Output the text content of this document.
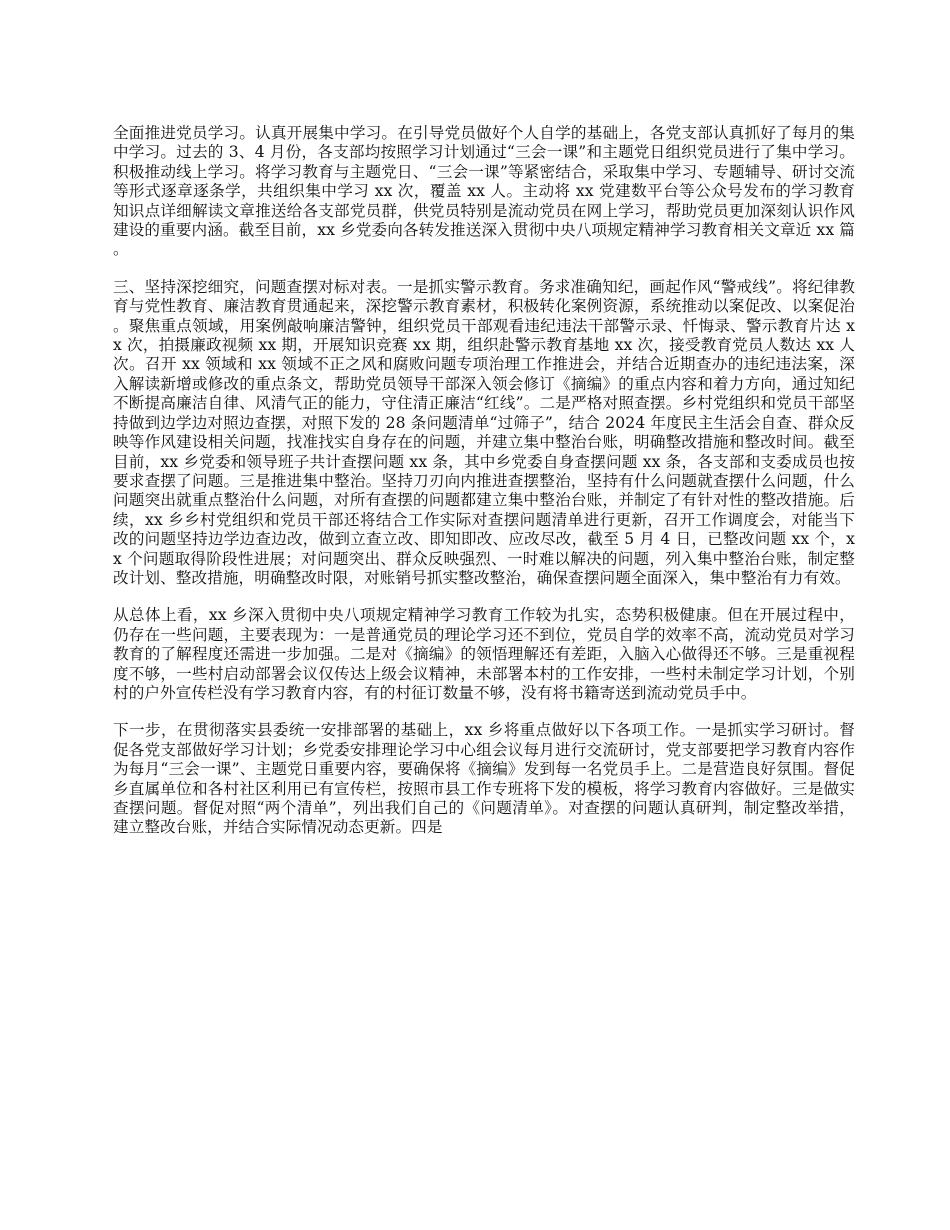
全面推进党员学习。认真开展集中学习。在引导党员做好个人自学的基础上，各党支部认真抓好了每月的集中学习。过去的 3、4 月份，各支部均按照学习计划通过“三会一课”和主题党日组织党员进行了集中学习。积极推动线上学习。将学习教育与主题党日、“三会一课”等紧密结合，采取集中学习、专题辅导、研讨交流等形式逐章逐条学，共组织集中学习 xx 次，覆盖 xx 人。主动将 xx 党建数平台等公众号发布的学习教育知识点详细解读文章推送给各支部党员群，供党员特别是流动党员在网上学习，帮助党员更加深刻认识作风建设的重要内涵。截至目前，xx 乡党委向各转发推送深入贯彻中央八项规定精神学习教育相关文章近 xx 篇。

三、坚持深挖细究，问题查摆对标对表。一是抓实警示教育。务求准确知纪，画起作风“警戒线”。将纪律教育与党性教育、廉洁教育贯通起来，深挖警示教育素材，积极转化案例资源，系统推动以案促改、以案促治。聚焦重点领域，用案例敲响廉洁警钟，组织党员干部观看违纪违法干部警示录、忏悔录、警示教育片达 xx 次，拍摄廉政视频 xx 期，开展知识竞赛 xx 期，组织赴警示教育基地 xx 次，接受教育党员人数达 xx 人次。召开 xx 领域和 xx 领域不正之风和腐败问题专项治理工作推进会，并结合近期查办的违纪违法案，深入解读新增或修改的重点条文，帮助党员领导干部深入领会修订《摘编》的重点内容和着力方向，通过知纪不断提高廉洁自律、风清气正的能力，守住清正廉洁“红线”。二是严格对照查摆。乡村党组织和党员干部坚持做到边学边对照边查摆，对照下发的 28 条问题清单“过筛子”，结合 2024 年度民主生活会自查、群众反映等作风建设相关问题，找准找实自身存在的问题，并建立集中整治台账，明确整改措施和整改时间。截至目前，xx 乡党委和领导班子共计查摆问题 xx 条，其中乡党委自身查摆问题 xx 条，各支部和支委成员也按要求查摆了问题。三是推进集中整治。坚持刀刃向内推进查摆整治，坚持有什么问题就查摆什么问题，什么问题突出就重点整治什么问题，对所有查摆的问题都建立集中整治台账，并制定了有针对性的整改措施。后续，xx 乡乡村党组织和党员干部还将结合工作实际对查摆问题清单进行更新，召开工作调度会，对能当下改的问题坚持边学边查边改，做到立查立改、即知即改、应改尽改，截至 5 月 4 日，已整改问题 xx 个，xx 个问题取得阶段性进展；对问题突出、群众反映强烈、一时难以解决的问题，列入集中整治台账，制定整改计划、整改措施，明确整改时限，对账销号抓实整改整治，确保查摆问题全面深入，集中整治有力有效。

从总体上看，xx 乡深入贯彻中央八项规定精神学习教育工作较为扎实，态势积极健康。但在开展过程中，仍存在一些问题，主要表现为：一是普通党员的理论学习还不到位，党员自学的效率不高，流动党员对学习教育的了解程度还需进一步加强。二是对《摘编》的领悟理解还有差距，入脑入心做得还不够。三是重视程度不够，一些村启动部署会议仅传达上级会议精神，未部署本村的工作安排，一些村未制定学习计划，个别村的户外宣传栏没有学习教育内容，有的村征订数量不够，没有将书籍寄送到流动党员手中。

下一步，在贯彻落实县委统一安排部署的基础上，xx 乡将重点做好以下各项工作。一是抓实学习研讨。督促各党支部做好学习计划；乡党委安排理论学习中心组会议每月进行交流研讨，党支部要把学习教育内容作为每月“三会一课”、主题党日重要内容，要确保将《摘编》发到每一名党员手上。二是营造良好氛围。督促乡直属单位和各村社区利用已有宣传栏，按照市县工作专班将下发的模板，将学习教育内容做好。三是做实查摆问题。督促对照“两个清单”，列出我们自己的《问题清单》。对查摆的问题认真研判，制定整改举措，建立整改台账，并结合实际情况动态更新。四是
